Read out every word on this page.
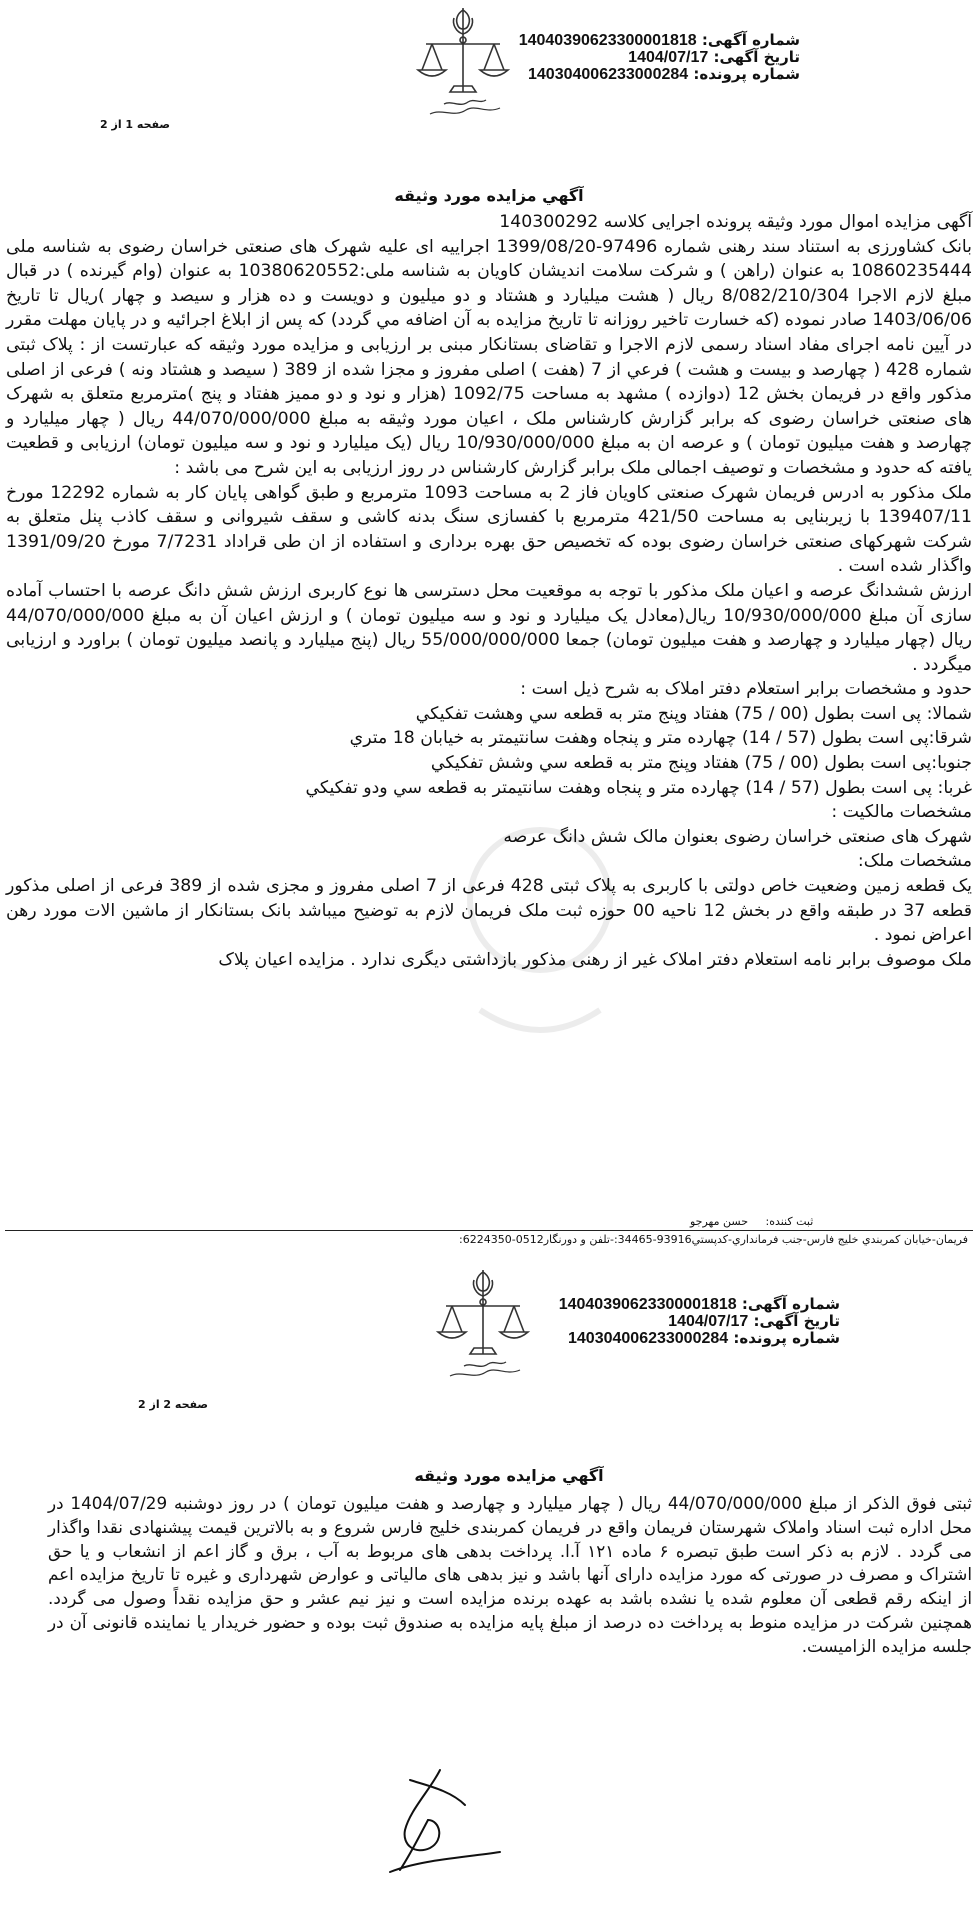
شماره آگهی: 14040390623300001818
تاریخ آگهی: 1404/07/17
شماره پرونده: 140304006233000284
صفحه 1 از 2
آگهي مزايده مورد وثيقه

آگهی مزایده اموال مورد وثیقه پرونده اجرایی کلاسه 140300292

بانک کشاورزی به استناد سند رهنی شماره 97496-1399/08/20 اجراییه ای علیه شهرک های صنعتی خراسان رضوی به شناسه ملی 10860235444 به عنوان (راهن ) و شرکت سلامت اندیشان کاویان به شناسه ملی:10380620552 به عنوان (وام گیرنده ) در قبال مبلغ لازم الاجرا 8/082/210/304 ریال ( هشت میلیارد و هشتاد و دو میلیون و دویست و ده هزار و سیصد و چهار )ریال تا تاریخ 1403/06/06 صادر نموده (که خسارت تاخیر روزانه تا تاریخ مزایده به آن اضافه مي گردد) که پس از ابلاغ اجرائیه و در پایان مهلت مقرر در آیین نامه اجرای مفاد اسناد رسمی لازم الاجرا و تقاضای بستانکار مبنی بر ارزیابی و مزایده مورد وثیقه که عبارتست از : پلاک ثبتی شماره 428 ( چهارصد و بیست و هشت ) فرعي از 7 (هفت ) اصلی مفروز و مجزا شده از 389 ( سیصد و هشتاد ونه ) فرعی از اصلی مذکور واقع در فریمان بخش 12 (دوازده ) مشهد به مساحت 1092/75 (هزار و نود و دو ممیز هفتاد و پنج )مترمربع متعلق به شهرک های صنعتی خراسان رضوی که برابر گزارش کارشناس ملک ، اعیان مورد وثیقه به مبلغ 44/070/000/000 ریال ( چهار میلیارد و چهارصد و هفت میلیون تومان ) و عرصه ان به مبلغ 10/930/000/000 ریال (یک میلیارد و نود و سه میلیون تومان) ارزیابی و قطعیت یافته که حدود و مشخصات و توصیف اجمالی ملک برابر گزارش کارشناس در روز ارزیابی به این شرح می باشد :

ملک مذکور به ادرس فریمان شهرک صنعتی کاویان فاز 2 به مساحت 1093 مترمربع و طبق گواهی پایان کار به شماره 12292 مورخ 139407/11 با زیربنایی به مساحت 421/50 مترمربع با کفسازی سنگ بدنه کاشی و سقف شیروانی و سقف کاذب پنل متعلق به شرکت شهرکهای صنعتی خراسان رضوی بوده که تخصیص حق بهره برداری و استفاده از ان طی قراداد 7/7231 مورخ 1391/09/20 واگذار شده است .

ارزش ششدانگ عرصه و اعیان ملک مذکور با توجه به موقعیت محل دسترسی ها نوع کاربری ارزش شش دانگ عرصه با احتساب آماده سازی آن مبلغ 10/930/000/000 ریال(معادل یک میلیارد و نود و سه میلیون تومان ) و ارزش اعیان آن به مبلغ 44/070/000/000 ریال (چهار میلیارد و چهارصد و هفت میلیون تومان) جمعا 55/000/000/000 ریال (پنج میلیارد و پانصد میلیون تومان ) براورد و ارزیابی میگردد .

حدود و مشخصات برابر استعلام دفتر املاک به شرح ذیل است :

شمالا: پی است بطول (00 / 75) هفتاد وپنج متر به قطعه سي وهشت تفكيكي

شرقا:پی است بطول (57 / 14) چهارده متر و پنجاه وهفت سانتیمتر به خیابان 18 متري

جنوبا:پی است بطول (00 / 75) هفتاد وپنج متر به قطعه سي وشش تفكيكي

غربا: پی است بطول (57 / 14) چهارده متر و پنجاه وهفت سانتیمتر به قطعه سي ودو تفكيكي

مشخصات مالکیت :

شهرک های صنعتی خراسان رضوی بعنوان مالک شش دانگ عرصه

مشخصات ملک:

یک قطعه زمین وضعیت خاص دولتی با کاربری به پلاک ثبتی 428 فرعی از 7 اصلی مفروز و مجزی شده از 389 فرعی از اصلی مذکور قطعه 37 در طبقه واقع در بخش 12 ناحیه 00 حوزه ثبت ملک فریمان لازم به توضیح میباشد بانک بستانکار از ماشین الات مورد رهن اعراض نمود .

ملک موصوف برابر نامه استعلام دفتر املاک غیر از رهنی مذکور بازداشتی دیگری ندارد . مزایده اعیان پلاک

ثبت کننده:     حسن مهرجو
فریمان-خیابان کمربندي خلیج فارس-جنب فرمانداري-کدپستي93916-34465:-تلفن و دورنگار0512-6224350:
شماره آگهی: 14040390623300001818
تاریخ آگهی: 1404/07/17
شماره پرونده: 140304006233000284
صفحه 2 از 2
آگهي مزايده مورد وثيقه

ثبتی فوق الذکر از مبلغ 44/070/000/000 ریال ( چهار میلیارد و چهارصد و هفت میلیون تومان ) در روز دوشنبه 1404/07/29 در محل اداره ثبت اسناد واملاک شهرستان فریمان واقع در فریمان کمربندی خلیج فارس شروع و به بالاترین قیمت پیشنهادی نقدا واگذار می گردد . لازم به ذکر است طبق تبصره ۶ ماده ۱۲۱ آ.ا. پرداخت بدهی های مربوط به آب ، برق و گاز اعم از انشعاب و یا حق اشتراک و مصرف در صورتی که مورد مزایده دارای آنها باشد و نیز بدهی های مالیاتی و عوارض شهرداری و غیره تا تاریخ مزایده اعم از اینکه رقم قطعی آن معلوم شده یا نشده باشد به عهده برنده مزایده است و نیز نیم عشر و حق مزایده نقداً وصول می گردد. همچنین شرکت در مزایده منوط به پرداخت ده درصد از مبلغ پایه مزایده به صندوق ثبت بوده و حضور خریدار یا نماینده قانونی آن در جلسه مزایده الزامیست.
